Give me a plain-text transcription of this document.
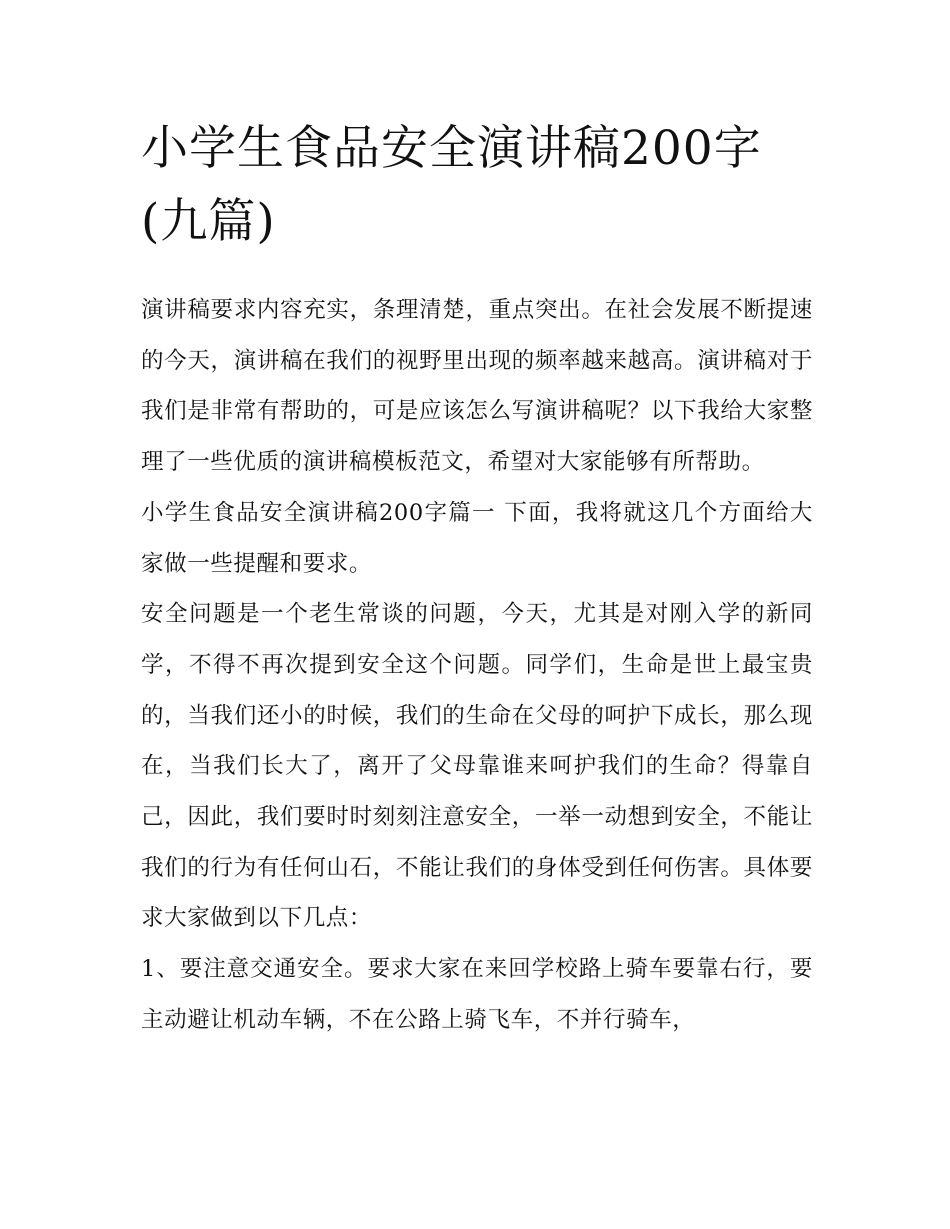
小学生食品安全演讲稿200字(九篇)

演讲稿要求内容充实，条理清楚，重点突出。在社会发展不断提速的今天，演讲稿在我们的视野里出现的频率越来越高。演讲稿对于我们是非常有帮助的，可是应该怎么写演讲稿呢？以下我给大家整理了一些优质的演讲稿模板范文，希望对大家能够有所帮助。

小学生食品安全演讲稿200字篇一 下面，我将就这几个方面给大家做一些提醒和要求。

安全问题是一个老生常谈的问题，今天，尤其是对刚入学的新同学，不得不再次提到安全这个问题。同学们，生命是世上最宝贵的，当我们还小的时候，我们的生命在父母的呵护下成长，那么现在，当我们长大了，离开了父母靠谁来呵护我们的生命？得靠自己，因此，我们要时时刻刻注意安全，一举一动想到安全，不能让我们的行为有任何山石，不能让我们的身体受到任何伤害。具体要求大家做到以下几点：

1、要注意交通安全。要求大家在来回学校路上骑车要靠右行，要主动避让机动车辆，不在公路上骑飞车，不并行骑车，
